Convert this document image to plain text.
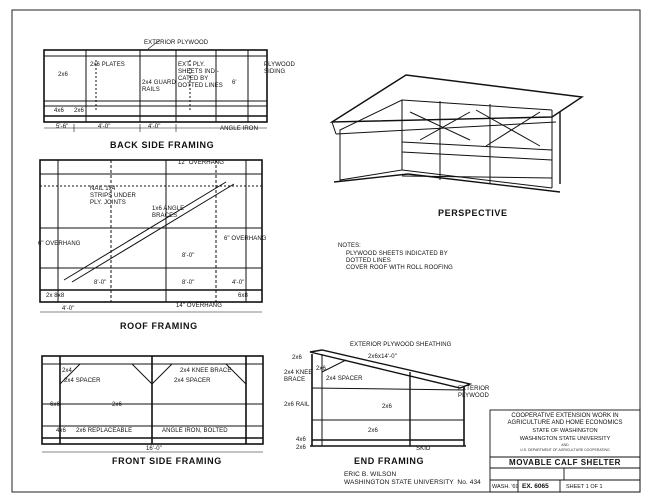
EXTERIOR PLYWOOD
2x6 PLATES	PLYWOOD
SIDING
EXT. PLY.
SHEETS INDI-
CATED BY
DOTTED LINES
2x4 GUARD
RAILS
2x6
6'
4x6 2x6
5'-6"	4'-0"	4'-0"	ANGLE IRON
BACK SIDE FRAMING
12" OVERHANG
NAIL 1x4
STRIPS UNDER
PLY. JOINTS
1x6 ANGLE
BRACES
6" OVERHANG
6" OVERHANG
8'-0"
8'-0"	8'-0"	4'-0"
2x 8x8	6x8
14" OVERHANG
4'-0"
ROOF FRAMING
PERSPECTIVE
NOTES:
PLYWOOD SHEETS INDICATED BY
DOTTED LINES
COVER ROOF WITH ROLL ROOFING
2x4	2x4 KNEE BRACE
2x4 SPACER	2x4 SPACER
6x6	2x6
2x6 REPLACEABLE
4x6	ANGLE IRON, BOLTED
16'-0"
FRONT SIDE FRAMING
EXTERIOR PLYWOOD SHEATHING
2x6x14'-0"
2x6
2x6
2x4 KNEE
BRACE	2x4 SPACER
EXTERIOR
PLYWOOD
2x6 RAIL	2x6
2x6
SKID
4x6
2x6
END FRAMING
ERIC B. WILSON
WASHINGTON STATE UNIVERSITY  No. 434
COOPERATIVE EXTENSION WORK IN
AGRICULTURE AND HOME ECONOMICS
STATE OF WASHINGTON
WASHINGTON STATE UNIVERSITY
AND
U.S. DEPARTMENT OF AGRICULTURE COOPERATING
MOVABLE CALF SHELTER
WASH. '69 EX. 6065	SHEET 1 OF 1
